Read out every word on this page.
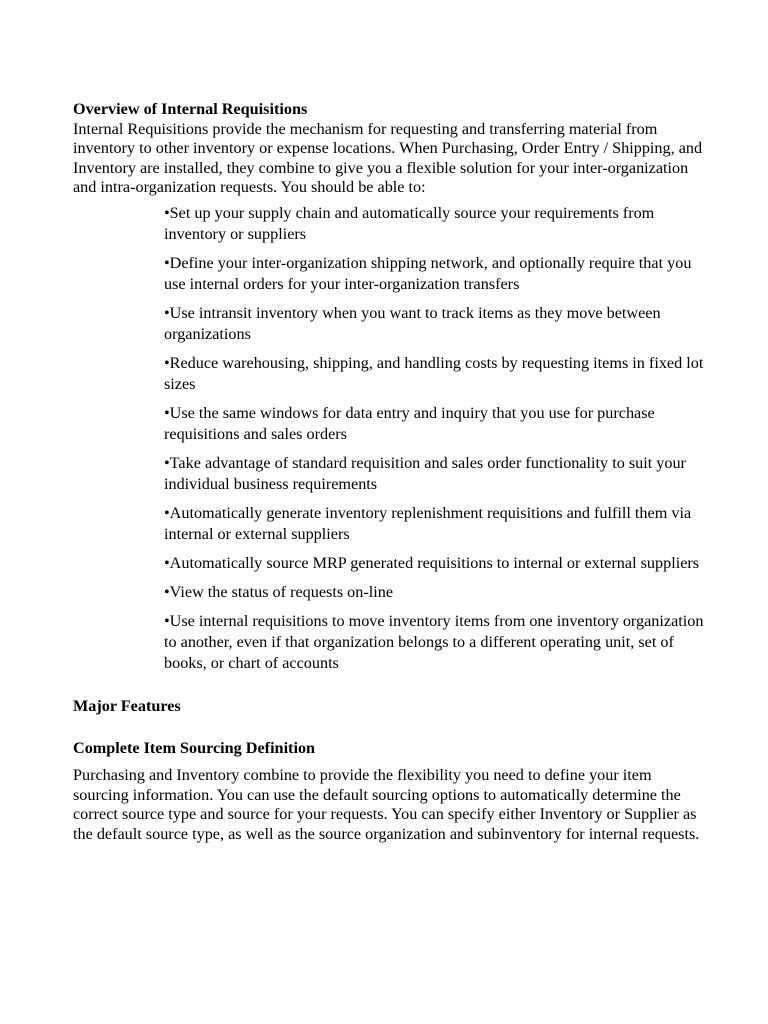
Overview of Internal Requisitions

Internal Requisitions provide the mechanism for requesting and transferring material from inventory to other inventory or expense locations. When Purchasing, Order Entry / Shipping, and Inventory are installed, they combine to give you a flexible solution for your inter-organization and intra-organization requests. You should be able to:

•Set up your supply chain and automatically source your requirements from inventory or suppliers
•Define your inter-organization shipping network, and optionally require that you use internal orders for your inter-organization transfers
•Use intransit inventory when you want to track items as they move between organizations
•Reduce warehousing, shipping, and handling costs by requesting items in fixed lot sizes
•Use the same windows for data entry and inquiry that you use for purchase requisitions and sales orders
•Take advantage of standard requisition and sales order functionality to suit your individual business requirements
•Automatically generate inventory replenishment requisitions and fulfill them via internal or external suppliers
•Automatically source MRP generated requisitions to internal or external suppliers
•View the status of requests on-line
•Use internal requisitions to move inventory items from one inventory organization to another, even if that organization belongs to a different operating unit, set of books, or chart of accounts

Major Features

Complete Item Sourcing Definition

Purchasing and Inventory combine to provide the flexibility you need to define your item sourcing information. You can use the default sourcing options to automatically determine the correct source type and source for your requests. You can specify either Inventory or Supplier as the default source type, as well as the source organization and subinventory for internal requests.
